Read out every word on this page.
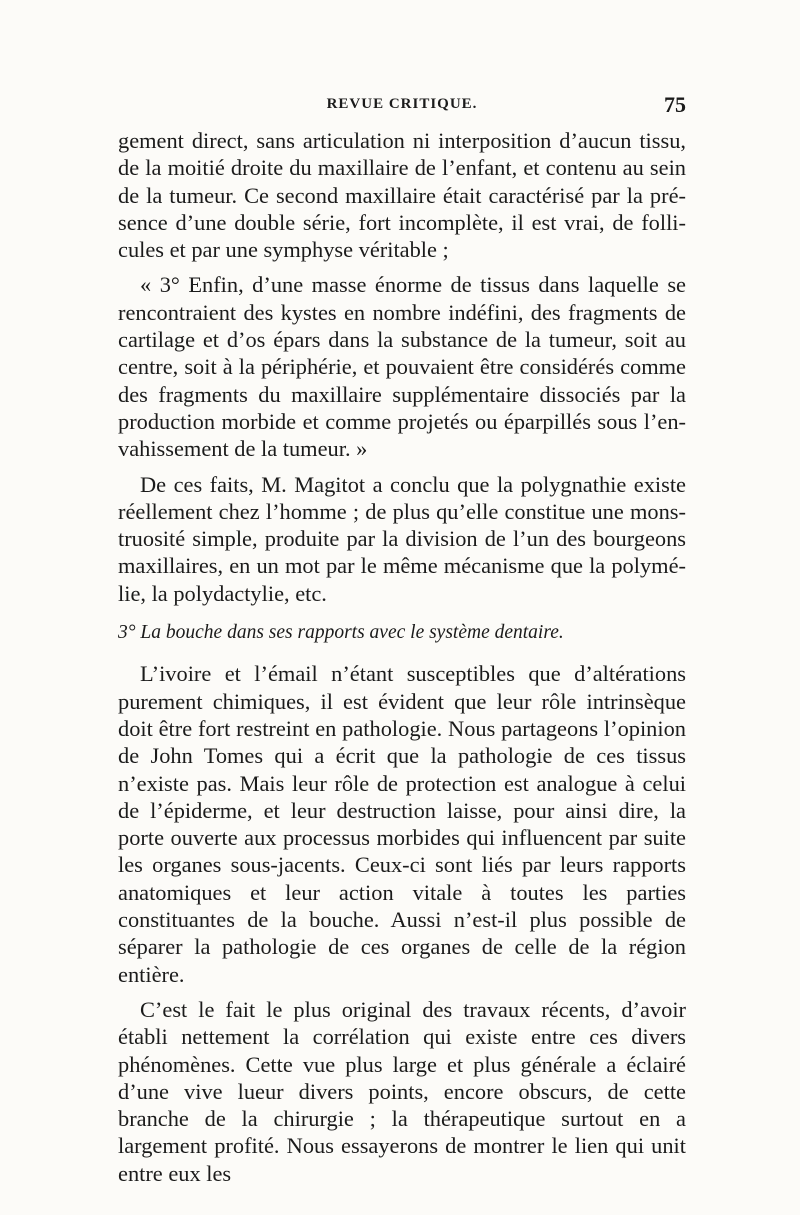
REVUE CRITIQUE.	75

gement direct, sans articulation ni interposition d’aucun tissu, de la moitié droite du maxillaire de l’enfant, et contenu au sein de la tumeur. Ce second maxillaire était caractérisé par la présence d’une double série, fort incomplète, il est vrai, de follicules et par une symphyse véritable ;

« 3° Enfin, d’une masse énorme de tissus dans laquelle se rencontraient des kystes en nombre indéfini, des fragments de cartilage et d’os épars dans la substance de la tumeur, soit au centre, soit à la périphérie, et pouvaient être considérés comme des fragments du maxillaire supplémentaire dissociés par la production morbide et comme projetés ou éparpillés sous l’envahissement de la tumeur. »

De ces faits, M. Magitot a conclu que la polygnathie existe réellement chez l’homme ; de plus qu’elle constitue une monstruosité simple, produite par la division de l’un des bourgeons maxillaires, en un mot par le même mécanisme que la polymélie, la polydactylie, etc.

3° La bouche dans ses rapports avec le système dentaire.

L’ivoire et l’émail n’étant susceptibles que d’altérations purement chimiques, il est évident que leur rôle intrinsèque doit être fort restreint en pathologie. Nous partageons l’opinion de John Tomes qui a écrit que la pathologie de ces tissus n’existe pas. Mais leur rôle de protection est analogue à celui de l’épiderme, et leur destruction laisse, pour ainsi dire, la porte ouverte aux processus morbides qui influencent par suite les organes sous-jacents. Ceux-ci sont liés par leurs rapports anatomiques et leur action vitale à toutes les parties constituantes de la bouche. Aussi n’est-il plus possible de séparer la pathologie de ces organes de celle de la région entière.

C’est le fait le plus original des travaux récents, d’avoir établi nettement la corrélation qui existe entre ces divers phénomènes. Cette vue plus large et plus générale a éclairé d’une vive lueur divers points, encore obscurs, de cette branche de la chirurgie ; la thérapeutique surtout en a largement profité. Nous essayerons de montrer le lien qui unit entre eux les
